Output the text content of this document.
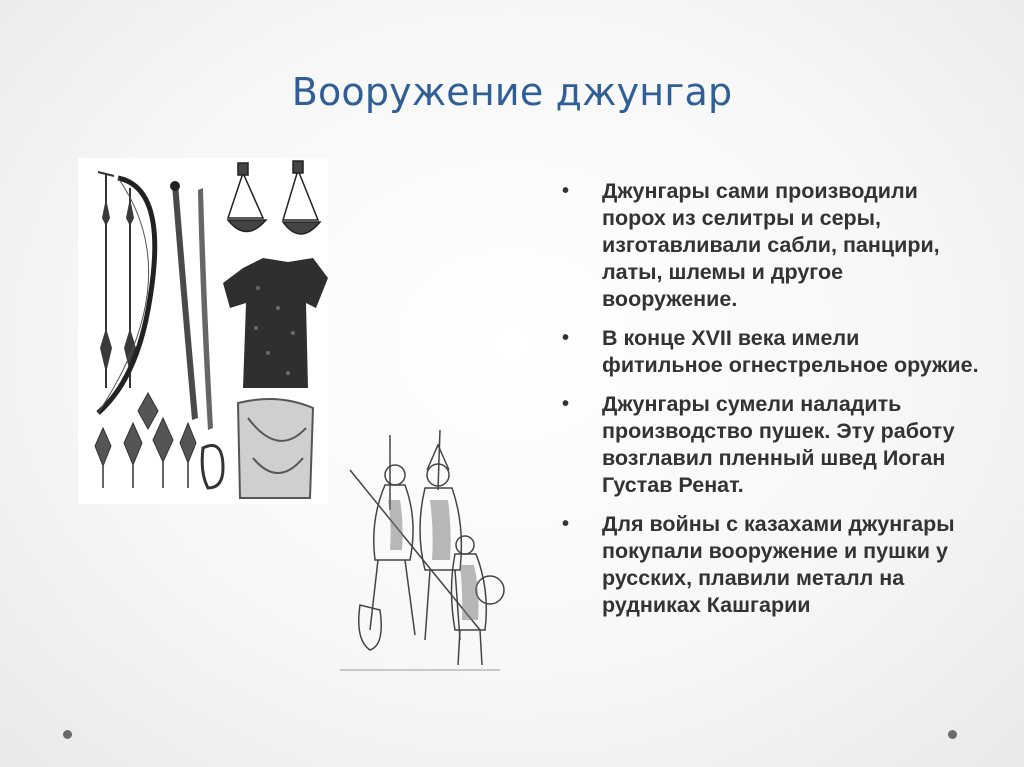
Вооружение джунгар
• Джунгары сами производили порох из селитры и серы, изготавливали сабли, панцири, латы, шлемы и другое вооружение.
• В конце XVII века имели фитильное огнестрельное оружие.
• Джунгары сумели наладить производство пушек. Эту работу возглавил пленный швед Иоган Густав Ренат.
• Для войны с казахами джунгары покупали вооружение и пушки у русских, плавили металл на рудниках Кашгарии
